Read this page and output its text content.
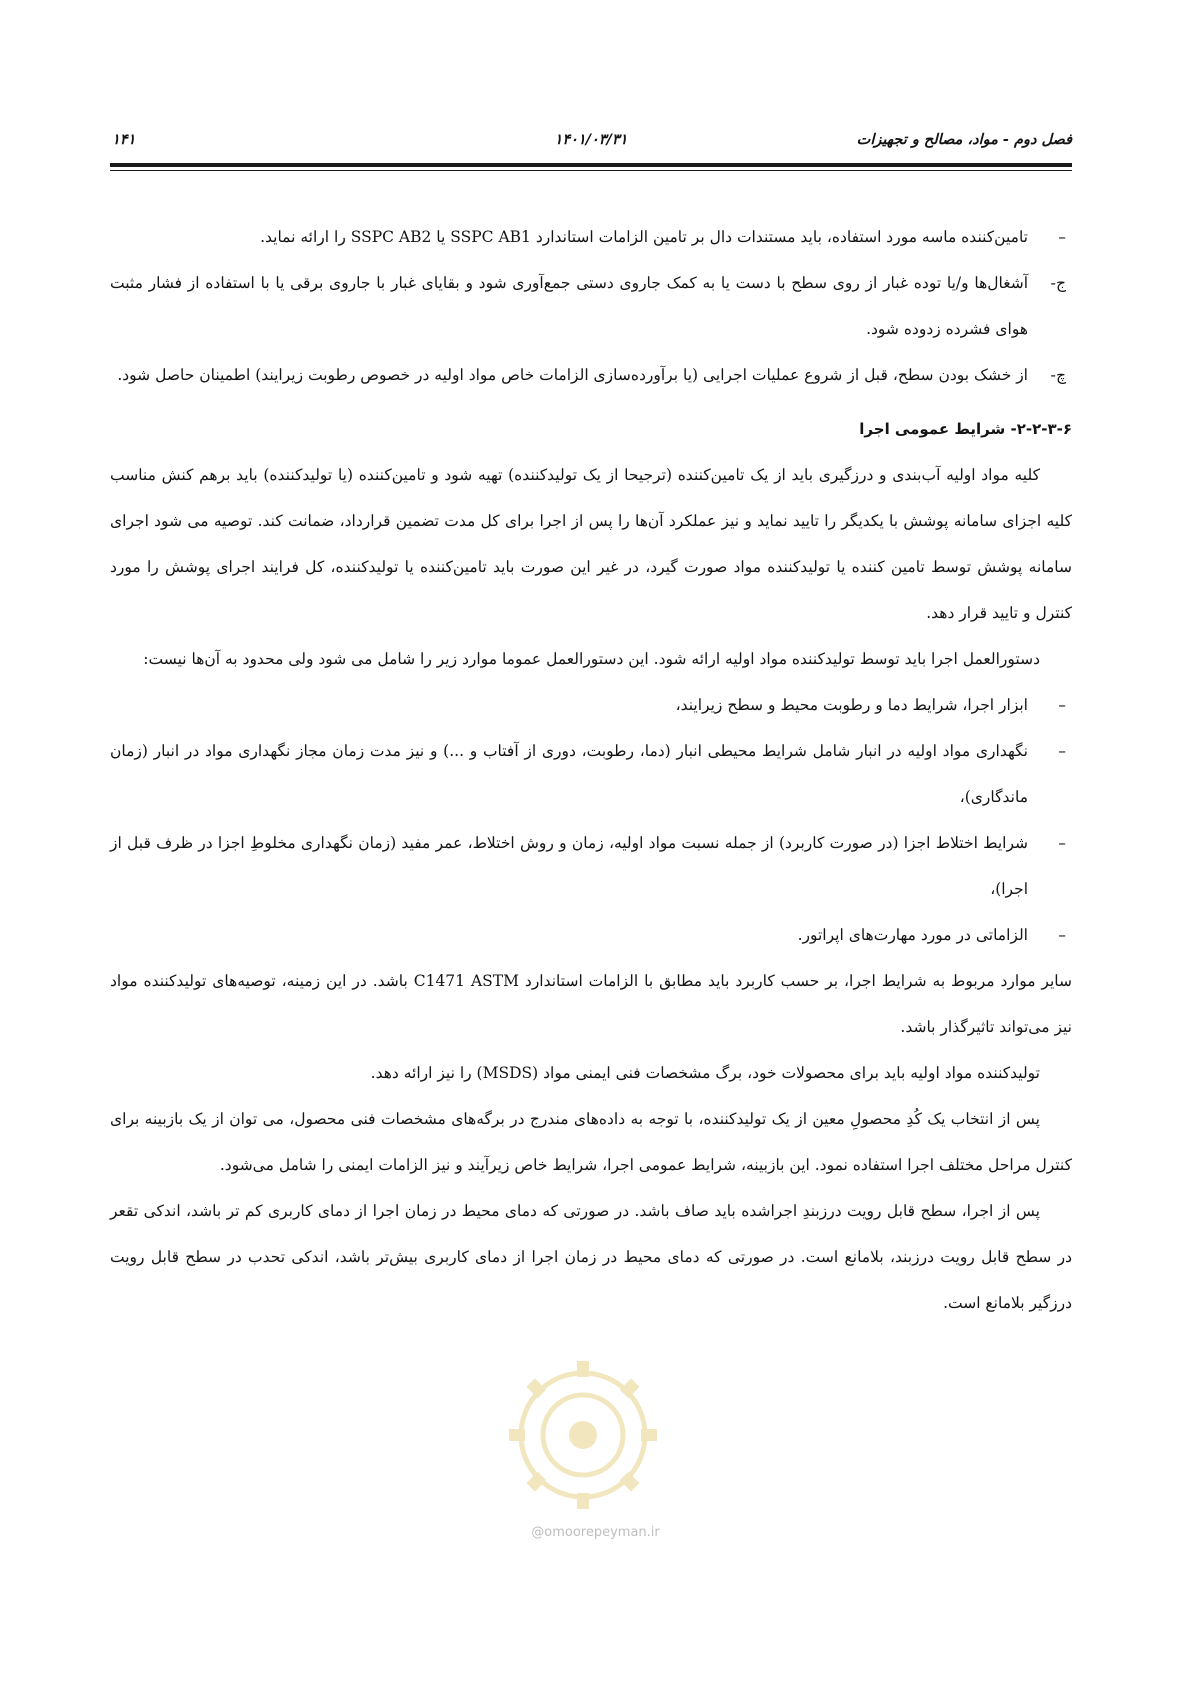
فصل دوم - مواد، مصالح و تجهیزات
۱۴۰۱/۰۳/۳۱
۱۴۱

–
تامین‌کننده ماسه مورد استفاده، باید مستندات دال بر تامین الزامات استاندارد SSPC AB1 یا SSPC AB2 را ارائه نماید.

ج-
آشغال‌ها و/یا توده غبار از روی سطح با دست یا به کمک جاروی دستی جمع‌آوری شود و بقایای غبار با جاروی برقی یا با استفاده از فشار مثبت هوای فشرده زدوده شود.

چ-
از خشک بودن سطح، قبل از شروع عملیات اجرایی (یا برآورده‌سازی الزامات خاص مواد اولیه در خصوص رطوبت زیرایند) اطمینان حاصل شود.

۲-۲-۳-۶- شرایط عمومی اجرا

کلیه مواد اولیه آب‌بندی و درزگیری باید از یک تامین‌کننده (ترجیحا از یک تولیدکننده) تهیه شود و تامین‌کننده (یا تولیدکننده) باید برهم کنش مناسب کلیه اجزای سامانه پوشش با یکدیگر را تایید نماید و نیز عملکرد آن‌ها را پس از اجرا برای کل مدت تضمین قرارداد، ضمانت کند. توصیه می شود اجرای سامانه پوشش توسط تامین کننده یا تولیدکننده مواد صورت گیرد، در غیر این صورت باید تامین‌کننده یا تولیدکننده، کل فرایند اجرای پوشش را مورد کنترل و تایید قرار دهد.

دستورالعمل اجرا باید توسط تولیدکننده مواد اولیه ارائه شود. این دستورالعمل عموما موارد زیر را شامل می شود ولی محدود به آن‌ها نیست:

–
ابزار اجرا، شرایط دما و رطوبت محیط و سطح زیرایند،

–
نگهداری مواد اولیه در انبار شامل شرایط محیطی انبار (دما، رطوبت، دوری از آفتاب و ...) و نیز مدت زمان مجاز نگهداری مواد در انبار (زمان ماندگاری)،

–
شرایط اختلاط اجزا (در صورت کاربرد) از جمله نسبت مواد اولیه، زمان و روش اختلاط، عمر مفید (زمان نگهداری مخلوطِ اجزا در ظرف قبل از اجرا)،

–
الزاماتی در مورد مهارت‌های اپراتور.

سایر موارد مربوط به شرایط اجرا، بر حسب کاربرد باید مطابق با الزامات استاندارد C1471 ASTM باشد. در این زمینه، توصیه‌های تولیدکننده مواد نیز می‌تواند تاثیرگذار باشد.

تولیدکننده مواد اولیه باید برای محصولات خود، برگ مشخصات فنی ایمنی مواد (MSDS) را نیز ارائه دهد.

پس از انتخاب یک کُدِ محصولِ معین از یک تولیدکننده، با توجه به داده‌های مندرج در برگه‌های مشخصات فنی محصول، می توان از یک بازبینه برای کنترل مراحل مختلف اجرا استفاده نمود. این بازبینه، شرایط عمومی اجرا، شرایط خاص زیرآیند و نیز الزامات ایمنی را شامل می‌شود.

پس از اجرا، سطح قابل رویت درزبندِ اجراشده باید صاف باشد. در صورتی که دمای محیط در زمان اجرا از دمای کاربری کم تر باشد، اندکی تقعر در سطح قابل رویت درزبند، بلامانع است. در صورتی که دمای محیط در زمان اجرا از دمای کاربری بیش‌تر باشد، اندکی تحدب در سطح قابل رویت درزگیر بلامانع است.

@omoorepeyman.ir
